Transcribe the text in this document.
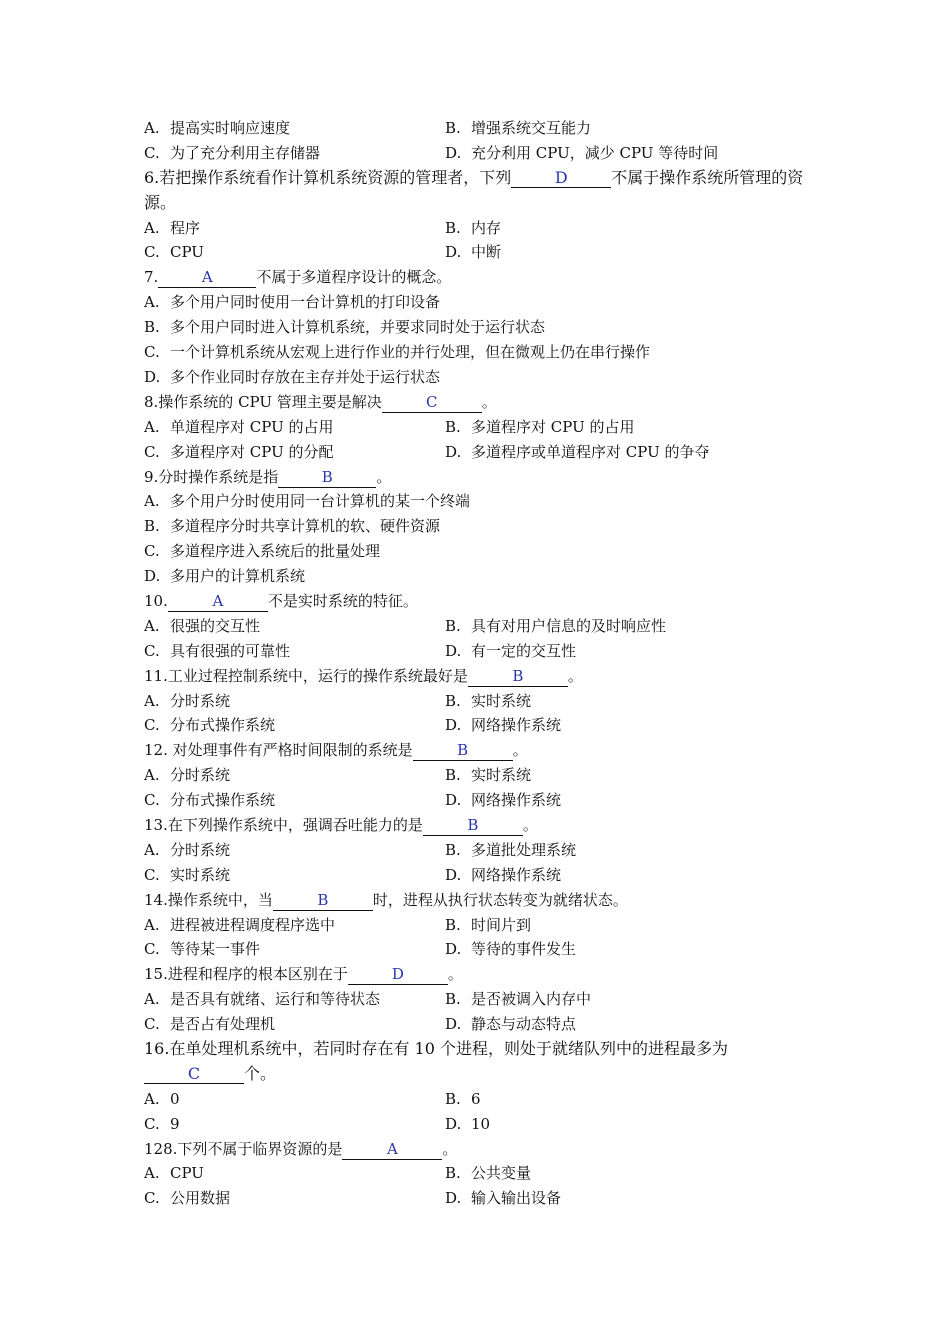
A. 提高实时响应速度	B. 增强系统交互能力
C. 为了充分利用主存储器	D. 充分利用 CPU，减少 CPU 等待时间
6.若把操作系统看作计算机系统资源的管理者，下列	D	不属于操作系统所管理的资源。
A. 程序	B. 内存
C. CPU	D. 中断
7.	A	不属于多道程序设计的概念。
A. 多个用户同时使用一台计算机的打印设备
B. 多个用户同时进入计算机系统，并要求同时处于运行状态
C. 一个计算机系统从宏观上进行作业的并行处理，但在微观上仍在串行操作
D. 多个作业同时存放在主存并处于运行状态
8.操作系统的 CPU 管理主要是解决	C	。
A. 单道程序对 CPU 的占用	B. 多道程序对 CPU 的占用
C. 多道程序对 CPU 的分配	D. 多道程序或单道程序对 CPU 的争夺
9.分时操作系统是指	B	。
A. 多个用户分时使用同一台计算机的某一个终端
B. 多道程序分时共享计算机的软、硬件资源
C. 多道程序进入系统后的批量处理
D. 多用户的计算机系统
10.	A	不是实时系统的特征。
A. 很强的交互性	B. 具有对用户信息的及时响应性
C. 具有很强的可靠性	D. 有一定的交互性
11.工业过程控制系统中，运行的操作系统最好是	B	。
A. 分时系统	B. 实时系统
C. 分布式操作系统	D. 网络操作系统
12. 对处理事件有严格时间限制的系统是	B	。
A. 分时系统	B. 实时系统
C. 分布式操作系统	D. 网络操作系统
13.在下列操作系统中，强调吞吐能力的是	B	。
A. 分时系统	B. 多道批处理系统
C. 实时系统	D. 网络操作系统
14.操作系统中，当	B	时，进程从执行状态转变为就绪状态。
A. 进程被进程调度程序选中	B. 时间片到
C. 等待某一事件	D. 等待的事件发生
15.进程和程序的根本区别在于	D	。
A. 是否具有就绪、运行和等待状态	B. 是否被调入内存中
C. 是否占有处理机	D. 静态与动态特点
16.在单处理机系统中，若同时存在有 10 个进程，则处于就绪队列中的进程最多为C	个。
A. 0	B. 6
C. 9	D. 10
128.下列不属于临界资源的是	A	。
A. CPU	B. 公共变量
C. 公用数据	D. 输入输出设备
